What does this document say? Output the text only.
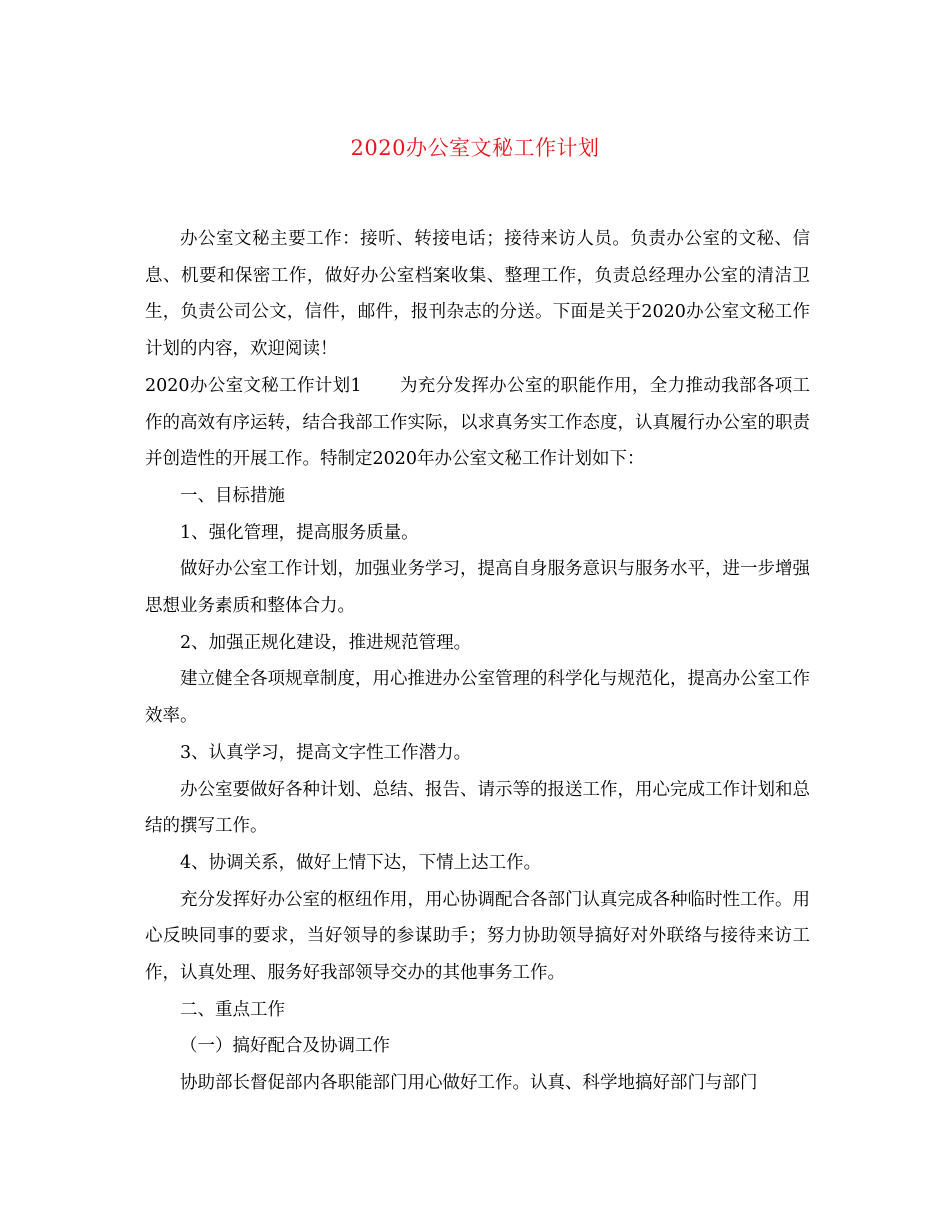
2020办公室文秘工作计划

办公室文秘主要工作：接听、转接电话；接待来访人员。负责办公室的文秘、信息、机要和保密工作，做好办公室档案收集、整理工作，负责总经理办公室的清洁卫生，负责公司公文，信件，邮件，报刊杂志的分送。下面是关于2020办公室文秘工作计划的内容，欢迎阅读！

2020办公室文秘工作计划1 为充分发挥办公室的职能作用，全力推动我部各项工作的高效有序运转，结合我部工作实际，以求真务实工作态度，认真履行办公室的职责并创造性的开展工作。特制定2020年办公室文秘工作计划如下：

一、目标措施

1、强化管理，提高服务质量。

做好办公室工作计划，加强业务学习，提高自身服务意识与服务水平，进一步增强思想业务素质和整体合力。

2、加强正规化建设，推进规范管理。

建立健全各项规章制度，用心推进办公室管理的科学化与规范化，提高办公室工作效率。

3、认真学习，提高文字性工作潜力。

办公室要做好各种计划、总结、报告、请示等的报送工作，用心完成工作计划和总结的撰写工作。

4、协调关系，做好上情下达，下情上达工作。

充分发挥好办公室的枢纽作用，用心协调配合各部门认真完成各种临时性工作。用心反映同事的要求，当好领导的参谋助手；努力协助领导搞好对外联络与接待来访工作，认真处理、服务好我部领导交办的其他事务工作。

二、重点工作

（一）搞好配合及协调工作

协助部长督促部内各职能部门用心做好工作。认真、科学地搞好部门与部门
